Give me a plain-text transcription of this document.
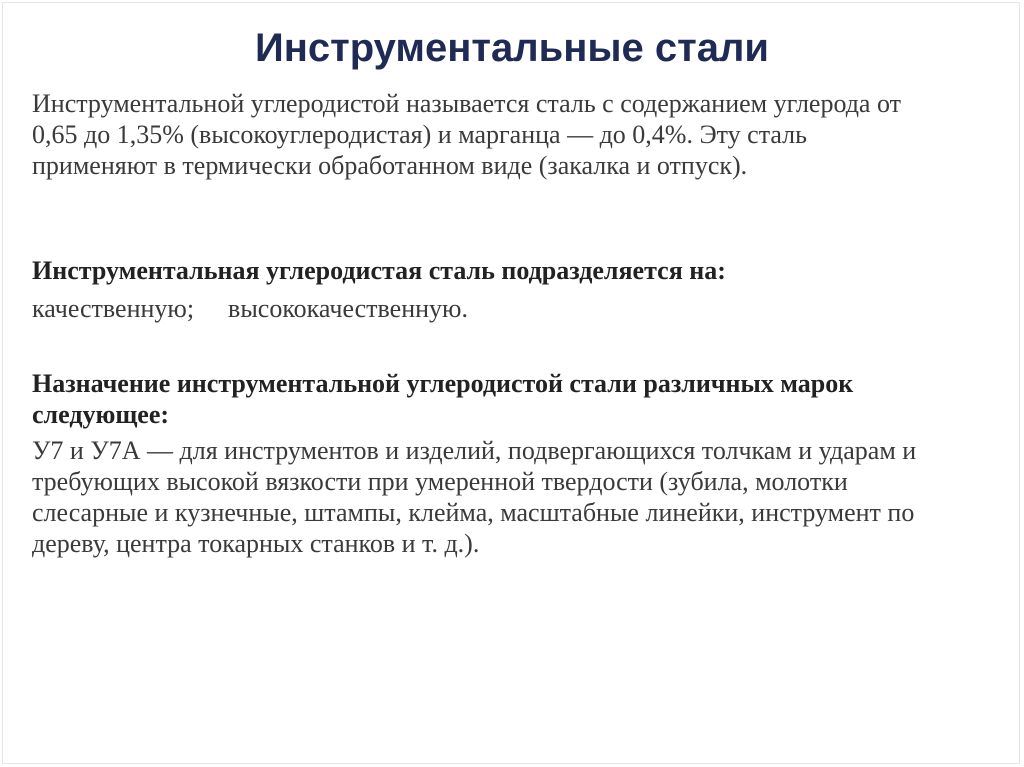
Инструментальные стали

Инструментальной углеродистой называется сталь с содержанием углерода от 0,65 до 1,35% (высокоуглеродистая) и марганца — до 0,4%. Эту сталь применяют в термически обработанном виде (закалка и отпуск).

Инструментальная углеродистая сталь подразделяется на:

качественную; высококачественную.

Назначение инструментальной углеродистой стали различных марок следующее:

У7 и У7А — для инструментов и изделий, подвергающихся толчкам и ударам и требующих высокой вязкости при умеренной твердости (зубила, молотки слесарные и кузнечные, штампы, клейма, масштабные линейки, инструмент по дереву, центра токарных станков и т. д.).
